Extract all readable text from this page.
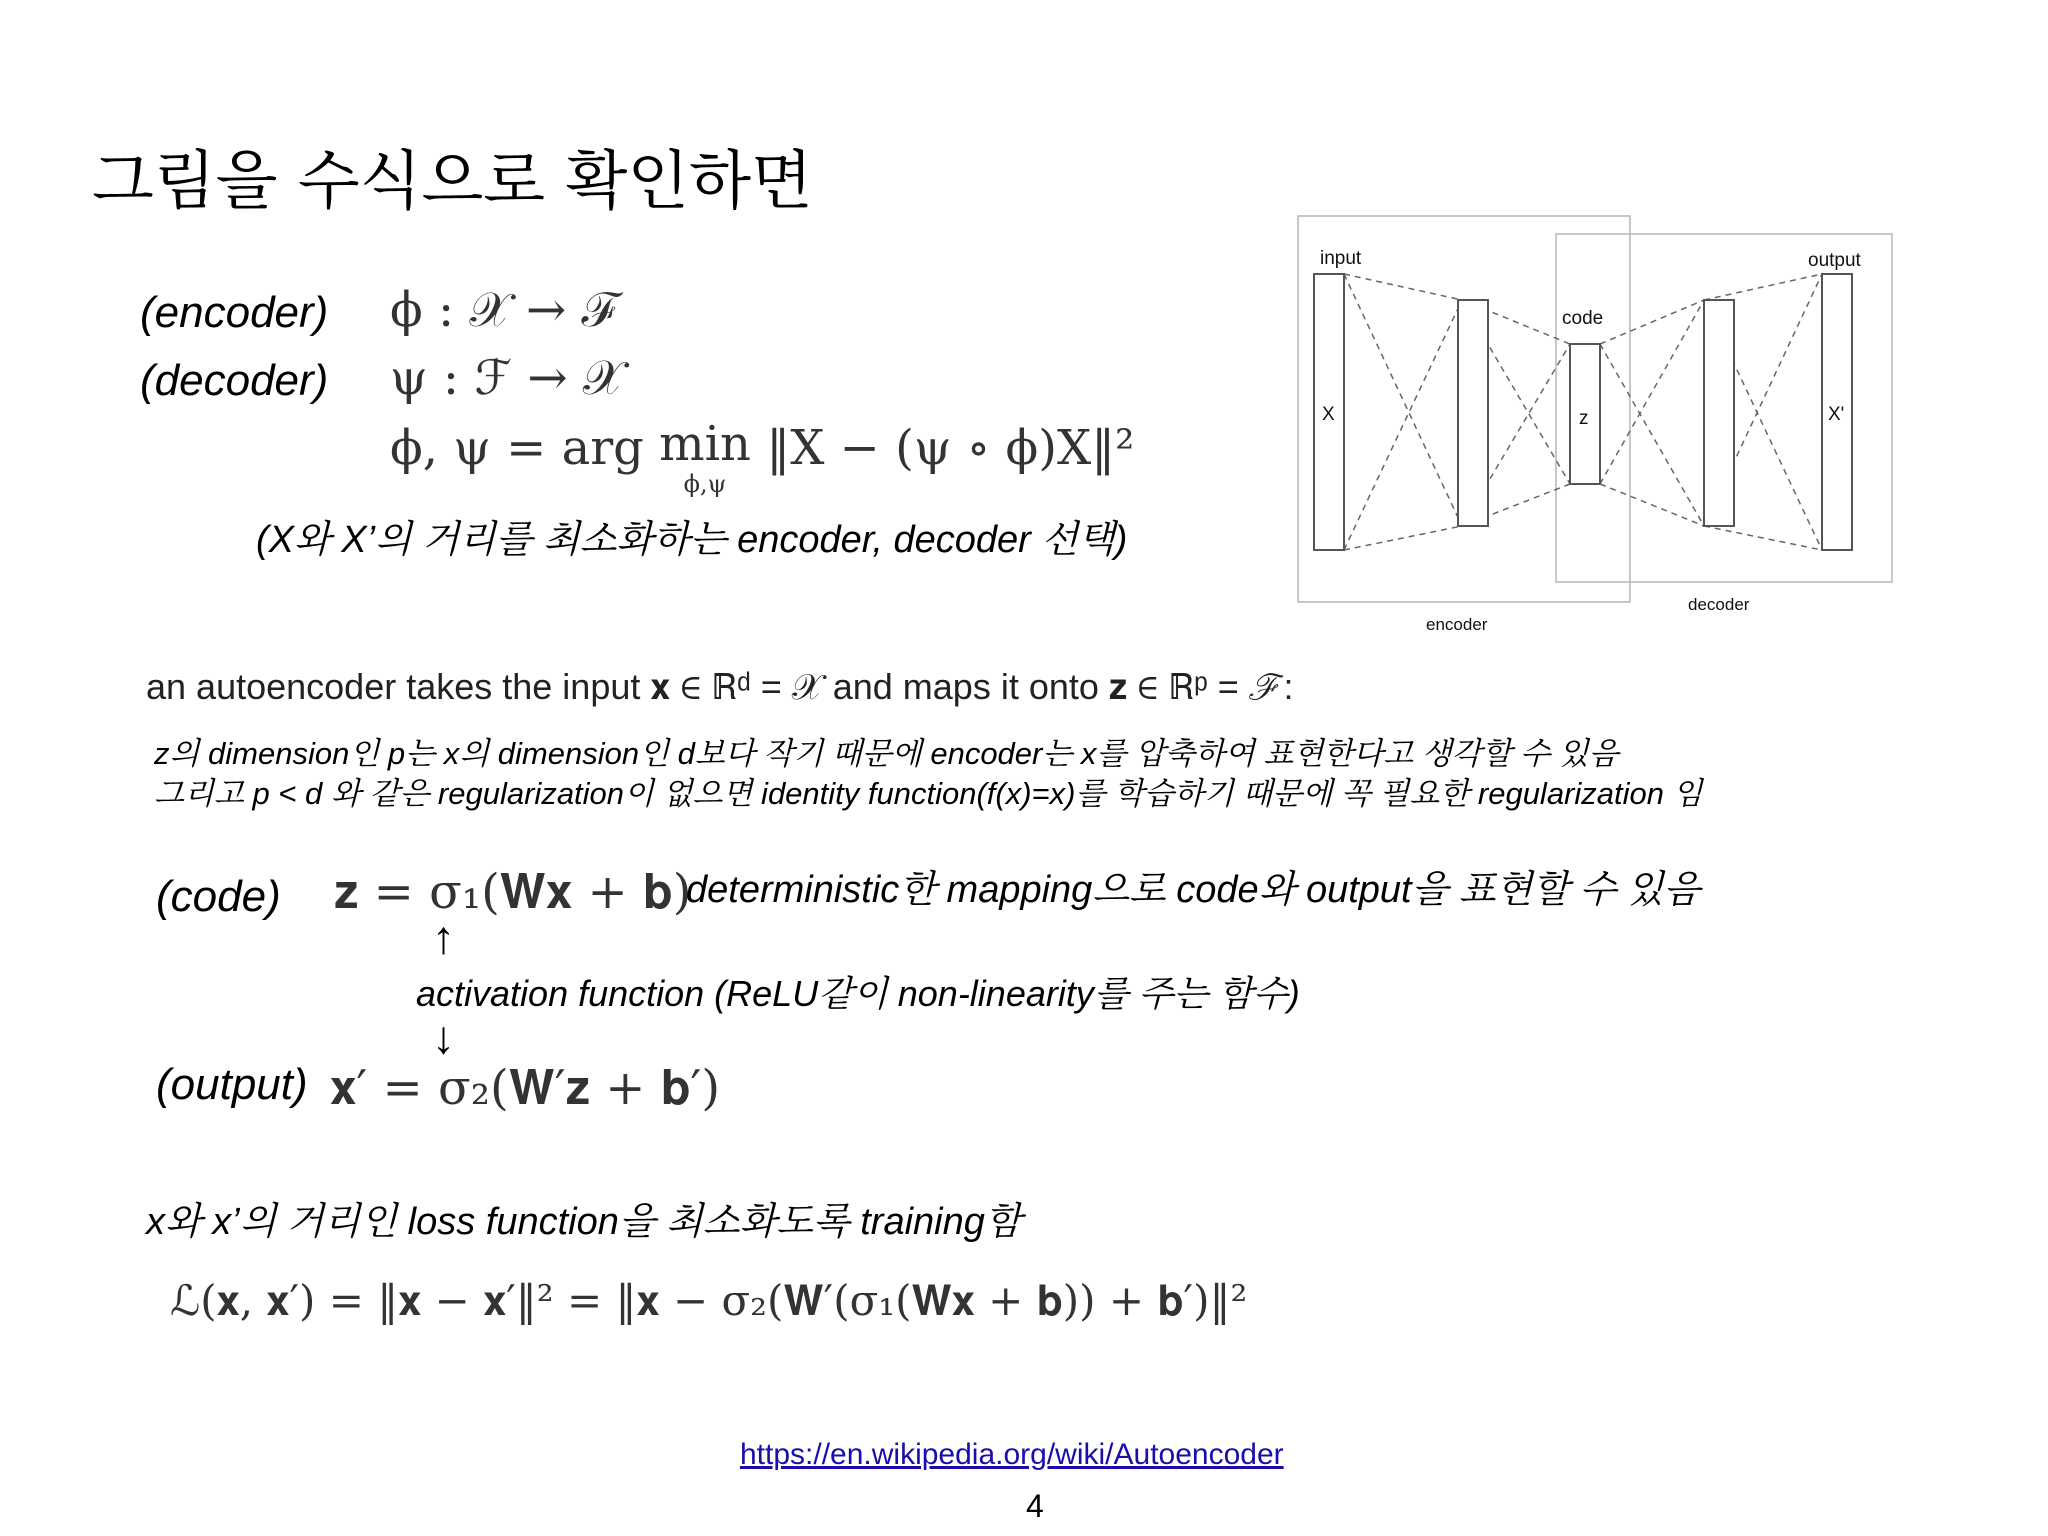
그림을 수식으로 확인하면
(encoder) ϕ : 𝒳 → ℱ
(decoder) ψ : ℱ → 𝒳
ϕ, ψ = arg min
ϕ,ψ
‖X − (ψ ∘ ϕ)X‖²
(X와 X’의 거리를 최소화하는 encoder, decoder 선택)
input	output
code
X	z	X'
encoder
decoder
an autoencoder takes the input 𝐱 ∈ ℝᵈ = 𝒳 and maps it onto 𝐳 ∈ ℝᵖ = ℱ:
z의 dimension인 p는 x의 dimension인 d보다 작기 때문에 encoder는 x를 압축하여 표현한다고 생각할 수 있음
그리고 p < d 와 같은 regularization이 없으면 identity function(f(x)=x)를 학습하기 때문에 꼭 필요한 regularization 임
(code) 𝐳 = σ₁(𝐖𝐱 + 𝐛)
deterministic한 mapping으로 code와 output을 표현할 수 있음
↑
activation function (ReLU같이 non-linearity를 주는 함수)
↓
(output) 𝐱′ = σ₂(𝐖′𝐳 + 𝐛′)
x와 x’의 거리인 loss function을 최소화도록 training함
ℒ(𝐱, 𝐱′) = ‖𝐱 − 𝐱′‖² = ‖𝐱 − σ₂(𝐖′(σ₁(𝐖𝐱 + 𝐛)) + 𝐛′)‖²
https://en.wikipedia.org/wiki/Autoencoder
4
